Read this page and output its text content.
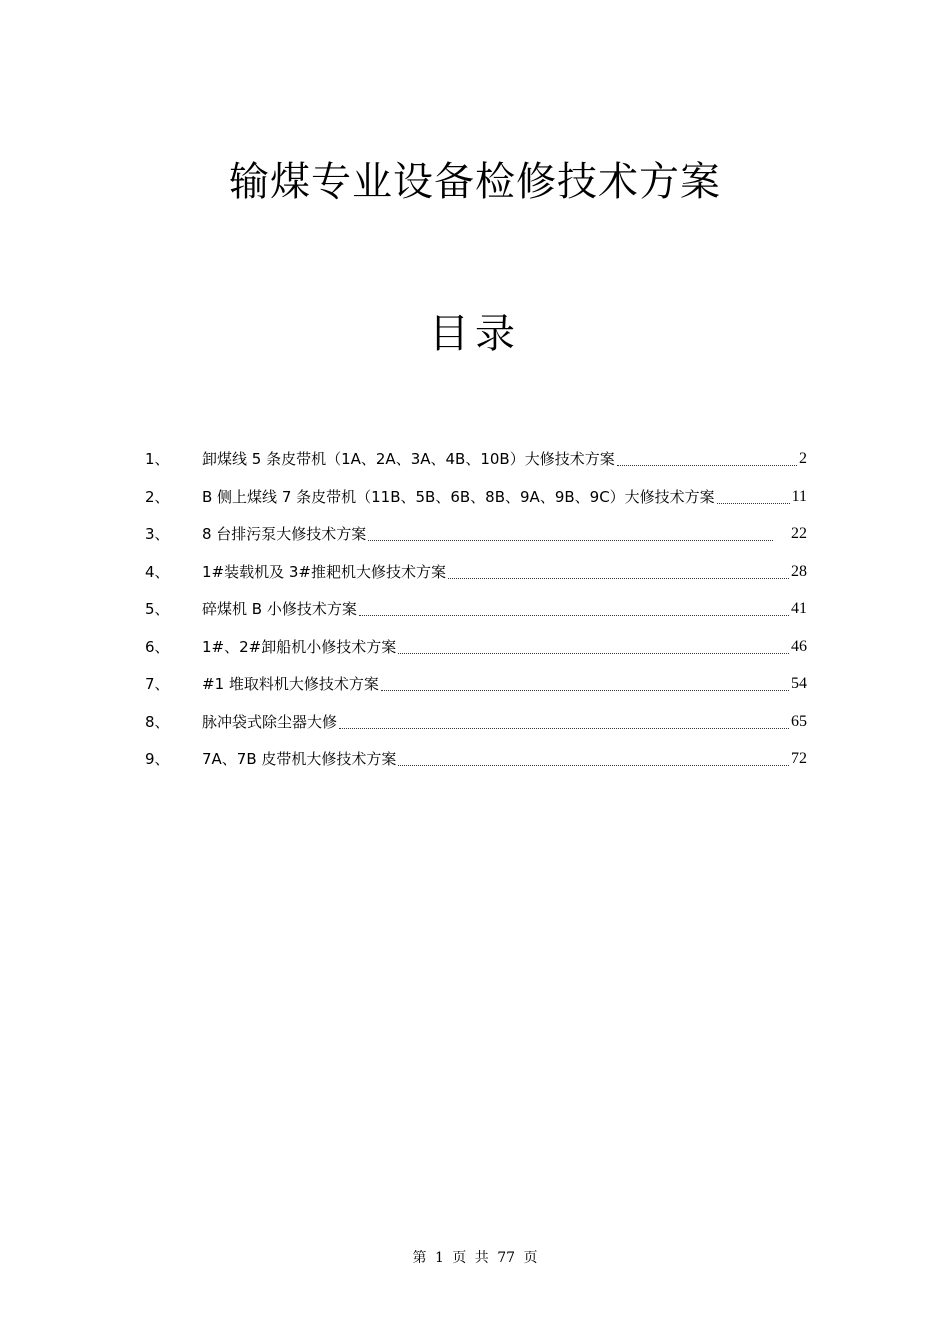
输煤专业设备检修技术方案
目录
1、	卸煤线 5 条皮带机（1A、2A、3A、4B、10B）大修技术方案	2
2、	B 侧上煤线 7 条皮带机（11B、5B、6B、8B、9A、9B、9C）大修技术方案	11
3、	8 台排污泵大修技术方案	22
4、	1#装载机及 3#推耙机大修技术方案	28
5、	碎煤机 B 小修技术方案	41
6、	1#、2#卸船机小修技术方案	46
7、	#1 堆取料机大修技术方案	54
8、	脉冲袋式除尘器大修	65
9、	7A、7B 皮带机大修技术方案	72
第 1 页 共 77 页
